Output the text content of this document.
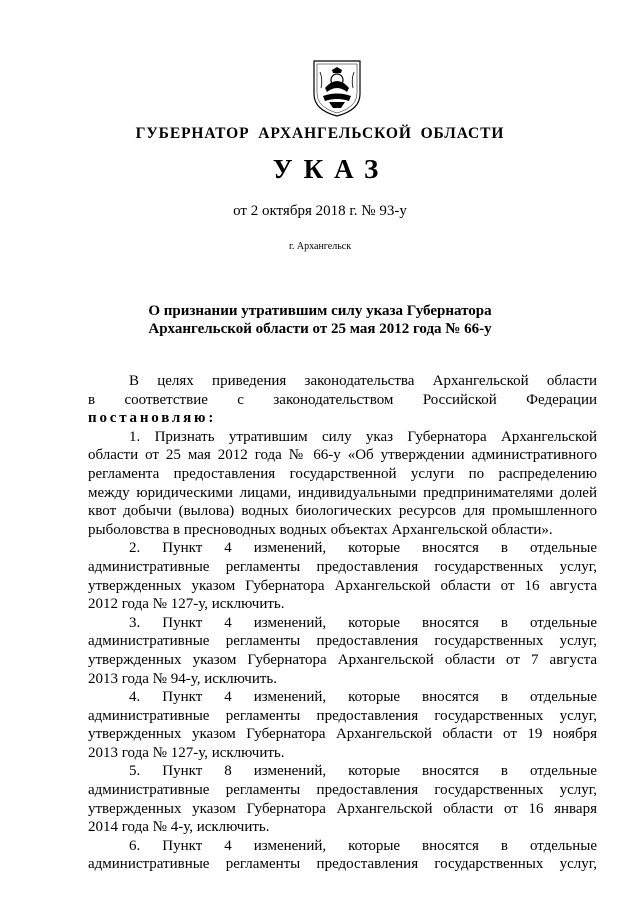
ГУБЕРНАТОР АРХАНГЕЛЬСКОЙ ОБЛАСТИ
УКАЗ
от 2 октября 2018 г. № 93-у
г. Архангельск
О признании утратившим силу указа Губернатора
Архангельской области от 25 мая 2012 года № 66-у
В целях приведения законодательства Архангельской области
в соответствие с законодательством Российской Федерации
постановляю:
1. Признать утратившим силу указ Губернатора Архангельской
области от 25 мая 2012 года № 66-у «Об утверждении административного
регламента предоставления государственной услуги по распределению
между юридическими лицами, индивидуальными предпринимателями долей
квот добычи (вылова) водных биологических ресурсов для промышленного
рыболовства в пресноводных водных объектах Архангельской области».
2. Пункт 4 изменений, которые вносятся в отдельные
административные регламенты предоставления государственных услуг,
утвержденных указом Губернатора Архангельской области от 16 августа
2012 года № 127-у, исключить.
3. Пункт 4 изменений, которые вносятся в отдельные
административные регламенты предоставления государственных услуг,
утвержденных указом Губернатора Архангельской области от 7 августа
2013 года № 94-у, исключить.
4. Пункт 4 изменений, которые вносятся в отдельные
административные регламенты предоставления государственных услуг,
утвержденных указом Губернатора Архангельской области от 19 ноября
2013 года № 127-у, исключить.
5. Пункт 8 изменений, которые вносятся в отдельные
административные регламенты предоставления государственных услуг,
утвержденных указом Губернатора Архангельской области от 16 января
2014 года № 4-у, исключить.
6. Пункт 4 изменений, которые вносятся в отдельные
административные регламенты предоставления государственных услуг,
